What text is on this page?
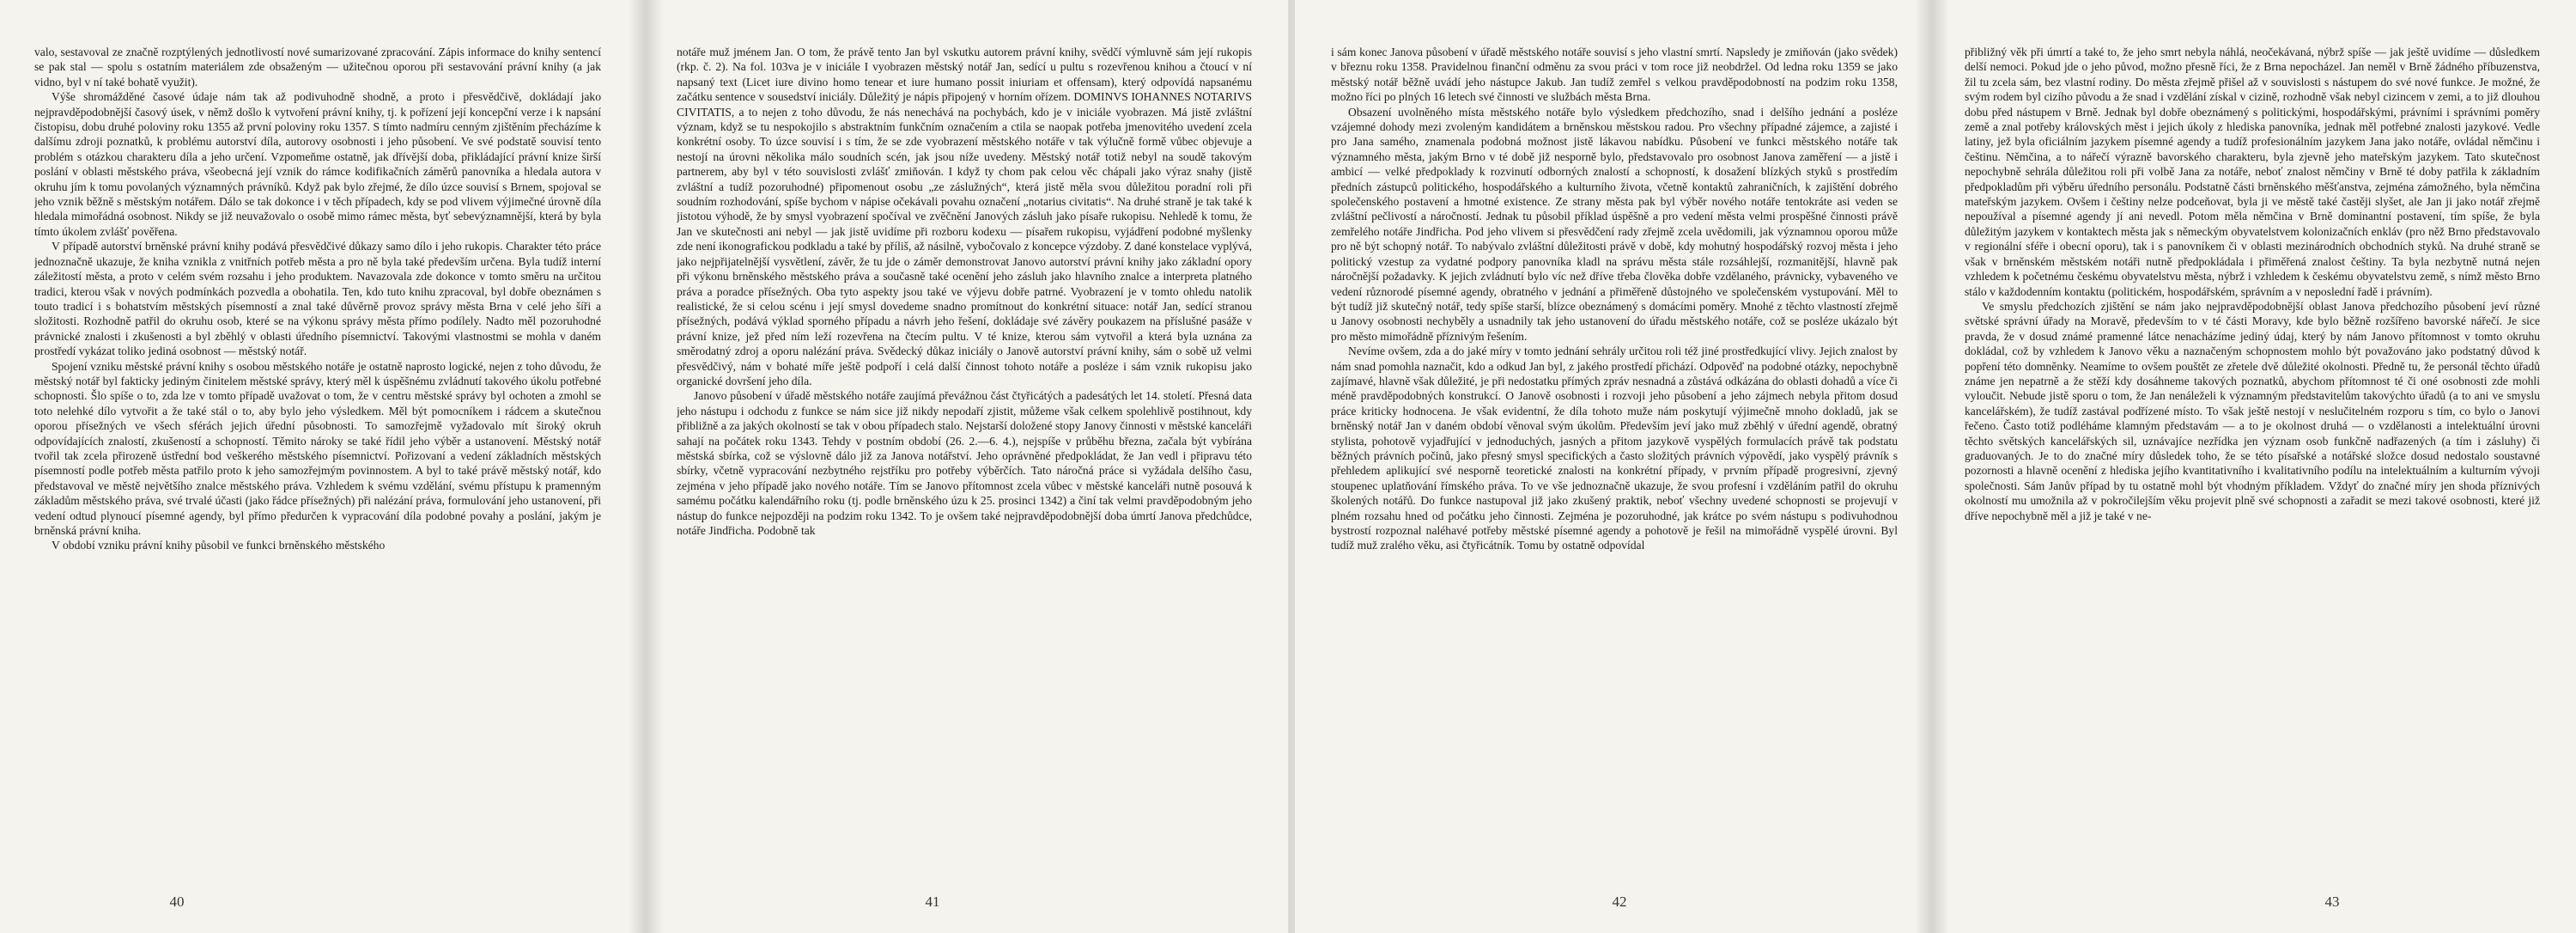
valo, sestavoval ze značně rozptýlených jednotlivostí nové sumarizované zpracování. Zápis informace do knihy sentencí se pak stal — spolu s ostatním materiálem zde obsaženým — užitečnou oporou při sestavování právní knihy (a jak vidno, byl v ní také bohatě využit).

Výše shromážděné časové údaje nám tak až podivuhodně shodně, a proto i přesvědčivě, dokládají jako nejpravděpodobnější časový úsek, v němž došlo k vytvoření právní knihy, tj. k pořízení její koncepční verze i k napsání čistopisu, dobu druhé poloviny roku 1355 až první poloviny roku 1357. S tímto nadmíru cenným zjištěním přecházíme k dalšímu zdroji poznatků, k problému autorství díla, autorovy osobnosti i jeho působení. Ve své podstatě souvisí tento problém s otázkou charakteru díla a jeho určení. Vzpomeňme ostatně, jak dřívější doba, přikládající právní knize širší poslání v oblasti městského práva, všeobecná její vznik do rámce kodifikačních záměrů panovníka a hledala autora v okruhu jím k tomu povolaných významných právníků. Když pak bylo zřejmé, že dílo úzce souvisí s Brnem, spojoval se jeho vznik běžně s městským notářem. Dálo se tak dokonce i v těch případech, kdy se pod vlivem výjimečné úrovně díla hledala mimořádná osobnost. Nikdy se již neuvažovalo o osobě mimo rámec města, byť sebevýznamnější, která by byla tímto úkolem zvlášť pověřena.

V případě autorství brněnské právní knihy podává přesvědčivé důkazy samo dílo i jeho rukopis. Charakter této práce jednoznačně ukazuje, že kniha vznikla z vnitřních potřeb města a pro ně byla také především určena. Byla tudíž interní záležitostí města, a proto v celém svém rozsahu i jeho produktem. Navazovala zde dokonce v tomto směru na určitou tradici, kterou však v nových podmínkách pozvedla a obohatila. Ten, kdo tuto knihu zpracoval, byl dobře obeznámen s touto tradicí i s bohatstvím městských písemností a znal také důvěrně provoz správy města Brna v celé jeho šíři a složitosti. Rozhodně patřil do okruhu osob, které se na výkonu správy města přímo podílely. Nadto měl pozoruhodné právnické znalosti i zkušenosti a byl zběhlý v oblasti úředního písemnictví. Takovými vlastnostmi se mohla v daném prostředí vykázat toliko jediná osobnost — městský notář.

Spojení vzniku městské právní knihy s osobou městského notáře je ostatně naprosto logické, nejen z toho důvodu, že městský notář byl fakticky jediným činitelem městské správy, který měl k úspěšnému zvládnutí takového úkolu potřebné schopnosti. Šlo spíše o to, zda lze v tomto případě uvažovat o tom, že v centru městské správy byl ochoten a zmohl se toto nelehké dílo vytvořit a že také stál o to, aby bylo jeho výsledkem. Měl být pomocníkem i rádcem a skutečnou oporou přísežných ve všech sférách jejich úřední působnosti. To samozřejmě vyžadovalo mít široký okruh odpovídajících znalostí, zkušeností a schopností. Těmito nároky se také řídil jeho výběr a ustanovení. Městský notář tvořil tak zcela přirozeně ústřední bod veškerého městského písemnictví. Pořizovaní a vedení základních městských písemností podle potřeb města patřilo proto k jeho samozřejmým povinnostem. A byl to také právě městský notář, kdo představoval ve městě největšího znalce městského práva. Vzhledem k svému vzdělání, svému přístupu k pramenným základům městského práva, své trvalé účasti (jako řádce přísežných) při nalézání práva, formulování jeho ustanovení, při vedení odtud plynoucí písemné agendy, byl přímo předurčen k vypracování díla podobné povahy a poslání, jakým je brněnská právní kniha.

V období vzniku právní knihy působil ve funkci brněnského městského

40

notáře muž jménem Jan. O tom, že právě tento Jan byl vskutku autorem právní knihy, svědčí výmluvně sám její rukopis (rkp. č. 2). Na fol. 103va je v iniciále I vyobrazen městský notář Jan, sedící u pultu s rozevřenou knihou a čtoucí v ní napsaný text (Licet iure divino homo tenear et iure humano possit iniuriam et offensam), který odpovídá napsanému začátku sentence v sousedství iniciály. Důležitý je nápis připojený v horním ořízem. DOMINVS IOHANNES NOTARIVS CIVITATIS, a to nejen z toho důvodu, že nás nenechává na pochybách, kdo je v iniciále vyobrazen. Má jistě zvláštní význam, když se tu nespokojilo s abstraktním funkčním označením a ctila se naopak potřeba jmenovitého uvedení zcela konkrétní osoby. To úzce souvisí i s tím, že se zde vyobrazení městského notáře v tak výlučně formě vůbec objevuje a nestojí na úrovni několika málo soudních scén, jak jsou níže uvedeny. Městský notář totiž nebyl na soudě takovým partnerem, aby byl v této souvislosti zvlášť zmiňován. I když ty chom pak celou věc chápali jako výraz snahy (jistě zvláštní a tudíž pozoruhodné) připomenout osobu „ze záslužných“, která jistě měla svou důležitou poradní roli při soudním rozhodování, spíše bychom v nápise očekávali povahu označení „notarius civitatis“. Na druhé straně je tak také k jistotou výhodě, že by smysl vyobrazení spočíval ve zvěčnění Janových zásluh jako písaře rukopisu. Nehledě k tomu, že Jan ve skutečnosti ani nebyl — jak jistě uvidíme při rozboru kodexu — písařem rukopisu, vyjádření podobné myšlenky zde není ikonografickou podkladu a také by příliš, až násilně, vybočovalo z koncepce výzdoby. Z dané konstelace vyplývá, jako nejpřijatelnější vysvětlení, závěr, že tu jde o záměr demonstrovat Janovo autorství právní knihy jako základní opory při výkonu brněnského městského práva a současně také ocenění jeho zásluh jako hlavního znalce a interpreta platného práva a poradce přísežných. Oba tyto aspekty jsou také ve výjevu dobře patrné. Vyobrazení je v tomto ohledu natolik realistické, že si celou scénu i její smysl dovedeme snadno promítnout do konkrétní situace: notář Jan, sedící stranou přísežných, podává výklad sporného případu a návrh jeho řešení, dokládaje své závěry poukazem na příslušné pasáže v právní knize, jež před ním leží rozevřena na čtecím pultu. V té knize, kterou sám vytvořil a která byla uznána za směrodatný zdroj a oporu nalézání práva. Svědecký důkaz iniciály o Janově autorství právní knihy, sám o sobě už velmi přesvědčivý, nám v bohaté míře ještě podpoří i celá další činnost tohoto notáře a posléze i sám vznik rukopisu jako organické dovršení jeho díla.

Janovo působení v úřadě městského notáře zaujímá převážnou část čtyřicátých a padesátých let 14. století. Přesná data jeho nástupu i odchodu z funkce se nám sice již nikdy nepodaří zjistit, můžeme však celkem spolehlivě postihnout, kdy přibližně a za jakých okolností se tak v obou případech stalo. Nejstarší doložené stopy Janovy činnosti v městské kanceláři sahají na počátek roku 1343. Tehdy v postním období (26. 2.—6. 4.), nejspíše v průběhu března, začala být vybírána městská sbírka, což se výslovně dálo již za Janova notářství. Jeho oprávněné předpokládat, že Jan vedl i připravu této sbírky, včetně vypracování nezbytného rejstříku pro potřeby výběrčích. Tato náročná práce si vyžádala delšího času, zejména v jeho případě jako nového notáře. Tím se Janovo přítomnost zcela vůbec v městské kanceláři nutně posouvá k samému počátku kalendářního roku (tj. podle brněnského úzu k 25. prosinci 1342) a činí tak velmi pravděpodobným jeho nástup do funkce nejpozději na podzim roku 1342. To je ovšem také nejpravděpodobnější doba úmrtí Janova předchůdce, notáře Jindřicha. Podobně tak

41

i sám konec Janova působení v úřadě městského notáře souvisí s jeho vlastní smrtí. Napsledy je zmiňován (jako svědek) v březnu roku 1358. Pravidelnou finanční odměnu za svou práci v tom roce již neobdržel. Od ledna roku 1359 se jako městský notář běžně uvádí jeho nástupce Jakub. Jan tudíž zemřel s velkou pravděpodobností na podzim roku 1358, možno říci po plných 16 letech své činnosti ve službách města Brna.

Obsazení uvolněného místa městského notáře bylo výsledkem předchozího, snad i delšího jednání a posléze vzájemné dohody mezi zvoleným kandidátem a brněnskou městskou radou. Pro všechny případné zájemce, a zajisté i pro Jana samého, znamenala podobná možnost jistě lákavou nabídku. Působení ve funkci městského notáře tak významného města, jakým Brno v té době již nesporně bylo, představovalo pro osobnost Janova zaměření — a jistě i ambicí — velké předpoklady k rozvinutí odborných znalostí a schopností, k dosažení blízkých styků s prostředím předních zástupců politického, hospodářského a kulturního života, včetně kontaktů zahraničních, k zajištění dobrého společenského postavení a hmotné existence. Ze strany města pak byl výběr nového notáře tentokráte asi veden se zvláštní pečlivostí a náročností. Jednak tu působil příklad úspěšně a pro vedení města velmi prospěšné činnosti právě zemřelého notáře Jindřicha. Pod jeho vlivem si přesvědčení rady zřejmě zcela uvědomili, jak významnou oporou může pro ně být schopný notář. To nabývalo zvláštní důležitosti právě v době, kdy mohutný hospodářský rozvoj města i jeho politický vzestup za vydatné podpory panovníka kladl na správu města stále rozsáhlejší, rozmanitější, hlavně pak náročnější požadavky. K jejich zvládnutí bylo víc než dříve třeba člověka dobře vzdělaného, právnicky, vybaveného ve vedení různorodé písemné agendy, obratného v jednání a přiměřeně důstojného ve společenském vystupování. Měl to být tudíž již skutečný notář, tedy spíše starší, blízce obeznámený s domácími poměry. Mnohé z těchto vlastností zřejmě u Janovy osobnosti nechyběly a usnadnily tak jeho ustanovení do úřadu městského notáře, což se posléze ukázalo být pro město mimořádně příznivým řešením.

Nevíme ovšem, zda a do jaké míry v tomto jednání sehrály určitou roli též jiné prostředkující vlivy. Jejich znalost by nám snad pomohla naznačit, kdo a odkud Jan byl, z jakého prostředí přichází. Odpověď na podobné otázky, nepochybně zajímavé, hlavně však důležité, je při nedostatku přímých zpráv nesnadná a zůstává odkázána do oblasti dohadů a více či méně pravděpodobných konstrukcí. O Janově osobnosti i rozvoji jeho působení a jeho zájmech nebyla přitom dosud práce kriticky hodnocena. Je však evidentní, že díla tohoto muže nám poskytují výjimečně mnoho dokladů, jak se brněnský notář Jan v daném období věnoval svým úkolům. Především jeví jako muž zběhlý v úřední agendě, obratný stylista, pohotově vyjadřující v jednoduchých, jasných a přitom jazykově vyspělých formulacích právě tak podstatu běžných právních počinů, jako přesný smysl specifických a často složitých právních výpovědí, jako vyspělý právník s přehledem aplikující své nesporně teoretické znalosti na konkrétní případy, v prvním případě progresivní, zjevný stoupenec uplatňování římského práva. To ve vše jednoznačně ukazuje, že svou profesní i vzděláním patřil do okruhu školených notářů. Do funkce nastupoval již jako zkušený praktik, neboť všechny uvedené schopnosti se projevují v plném rozsahu hned od počátku jeho činnosti. Zejména je pozoruhodné, jak krátce po svém nástupu s podivuhodnou bystrostí rozpoznal naléhavé potřeby městské písemné agendy a pohotově je řešil na mimořádně vyspělé úrovni. Byl tudíž muž zralého věku, asi čtyřicátník. Tomu by ostatně odpovídal

42

přibližný věk při úmrtí a také to, že jeho smrt nebyla náhlá, neočekávaná, nýbrž spíše — jak ještě uvidíme — důsledkem delší nemoci. Pokud jde o jeho původ, možno přesně říci, že z Brna nepocházel. Jan neměl v Brně žádného příbuzenstva, žil tu zcela sám, bez vlastní rodiny. Do města zřejmě přišel až v souvislosti s nástupem do své nové funkce. Je možné, že svým rodem byl cizího původu a že snad i vzdělání získal v cizině, rozhodně však nebyl cizincem v zemi, a to již dlouhou dobu před nástupem v Brně. Jednak byl dobře obeznámený s politickými, hospodářskými, právními i správními poměry země a znal potřeby královských měst i jejich úkoly z hlediska panovníka, jednak měl potřebné znalosti jazykové. Vedle latiny, jež byla oficiálním jazykem písemné agendy a tudíž profesionálním jazykem Jana jako notáře, ovládal němčinu i češtinu. Němčina, a to nářečí výrazně bavorského charakteru, byla zjevně jeho mateřským jazykem. Tato skutečnost nepochybně sehrála důležitou roli při volbě Jana za notáře, neboť znalost němčiny v Brně té doby patřila k základním předpokladům při výběru úředního personálu. Podstatně části brněnského měšťanstva, zejména zámožného, byla němčina mateřským jazykem. Ovšem i češtiny nelze podceňovat, byla ji ve městě také častěji slyšet, ale Jan ji jako notář zřejmě nepoužíval a písemné agendy jí ani nevedl. Potom měla němčina v Brně dominantní postavení, tím spíše, že byla důležitým jazykem v kontaktech města jak s německým obyvatelstvem kolonizačních enkláv (pro něž Brno představovalo v regionální sféře i obecní oporu), tak i s panovníkem či v oblasti mezinárodních obchodních styků. Na druhé straně se však v brněnském městském notáři nutně předpokládala i přiměřená znalost češtiny. Ta byla nezbytně nutná nejen vzhledem k početnému českému obyvatelstvu města, nýbrž i vzhledem k českému obyvatelstvu země, s nímž město Brno stálo v každodenním kontaktu (politickém, hospodářském, správním a v neposlední řadě i právním).

Ve smyslu předchozích zjištění se nám jako nejpravděpodobnější oblast Janova předchozího působení jeví různé světské správní úřady na Moravě, především to v té části Moravy, kde bylo běžně rozšířeno bavorské nářečí. Je sice pravda, že v dosud známé pramenné látce nenacházíme jediný údaj, který by nám Janovo přítomnost v tomto okruhu dokládal, což by vzhledem k Janovo věku a naznačeným schopnostem mohlo být považováno jako podstatný důvod k popření této domněnky. Neamíme to ovšem pouštět ze zřetele dvě důležité okolnosti. Předně tu, že personál těchto úřadů známe jen nepatrně a že stěží kdy dosáhneme takových poznatků, abychom přítomnost té či oné osobnosti zde mohli vyloučit. Nebude jistě sporu o tom, že Jan nenáleželi k významným představitelům takovýchto úřadů (a to ani ve smyslu kancelářském), že tudíž zastával podřízené místo. To však ještě nestojí v neslučitelném rozporu s tím, co bylo o Janovi řečeno. Často totiž podléháme klamným představám — a to je okolnost druhá — o vzdělanosti a intelektuální úrovni těchto světských kancelářských sil, uznávajíce nezřídka jen význam osob funkčně nadřazených (a tím i zásluhy) či graduovaných. Je to do značné míry důsledek toho, že se této písařské a notářské složce dosud nedostalo soustavné pozornosti a hlavně ocenění z hlediska jejího kvantitativního i kvalitativního podílu na intelektuálním a kulturním vývoji společnosti. Sám Janův případ by tu ostatně mohl být vhodným příkladem. Vždyť do značné míry jen shoda příznivých okolností mu umožnila až v pokročilejším věku projevit plně své schopnosti a zařadit se mezi takové osobnosti, které již dříve nepochybně měl a již je také v ne-

43
